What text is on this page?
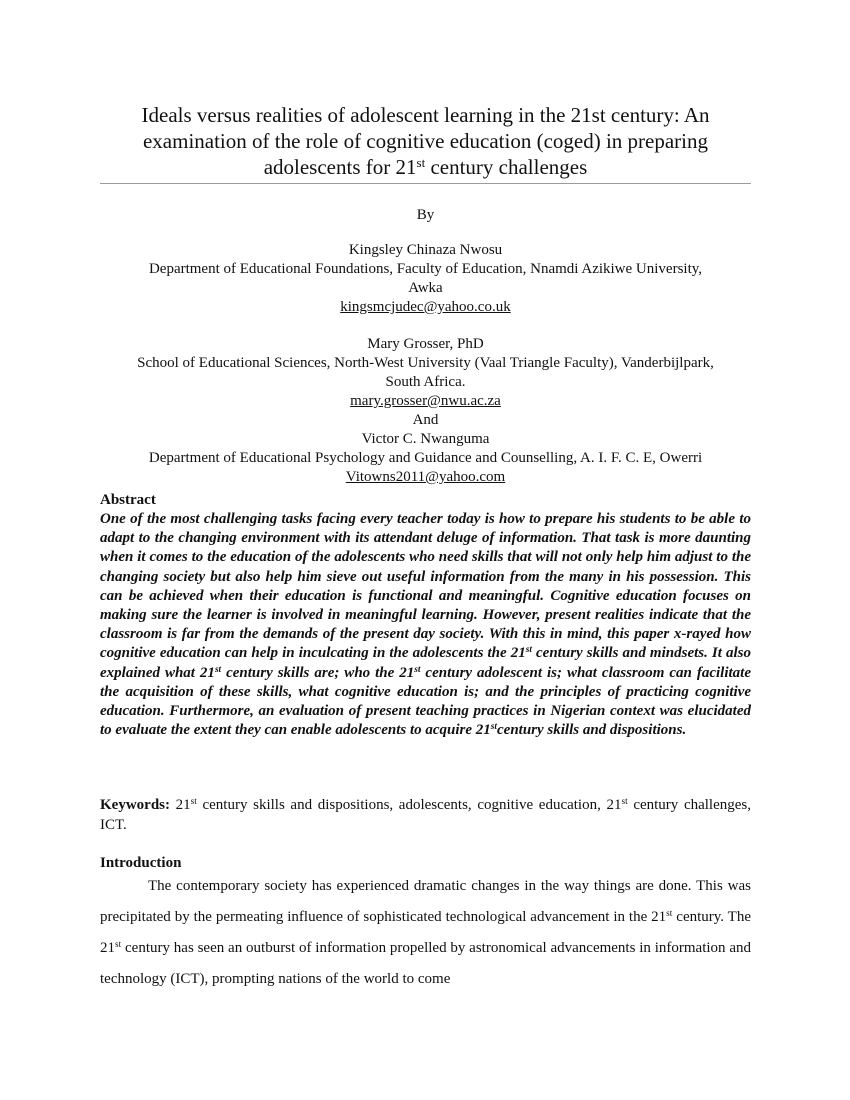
Ideals versus realities of adolescent learning in the 21st century: An
examination of the role of cognitive education (coged) in preparing
adolescents for 21st century challenges
By
Kingsley Chinaza Nwosu
Department of Educational Foundations, Faculty of Education, Nnamdi Azikiwe University,
Awka
kingsmcjudec@yahoo.co.uk
Mary Grosser, PhD
School of Educational Sciences, North-West University (Vaal Triangle Faculty), Vanderbijlpark,
South Africa.
mary.grosser@nwu.ac.za
And
Victor C. Nwanguma
Department of Educational Psychology and Guidance and Counselling, A. I. F. C. E, Owerri
Vitowns2011@yahoo.com
Abstract
One of the most challenging tasks facing every teacher today is how to prepare his students to be able to adapt to the changing environment with its attendant deluge of information. That task is more daunting when it comes to the education of the adolescents who need skills that will not only help him adjust to the changing society but also help him sieve out useful information from the many in his possession. This can be achieved when their education is functional and meaningful. Cognitive education focuses on making sure the learner is involved in meaningful learning. However, present realities indicate that the classroom is far from the demands of the present day society. With this in mind, this paper x-rayed how cognitive education can help in inculcating in the adolescents the 21st century skills and mindsets. It also explained what 21st century skills are; who the 21st century adolescent is; what classroom can facilitate the acquisition of these skills, what cognitive education is; and the principles of practicing cognitive education. Furthermore, an evaluation of present teaching practices in Nigerian context was elucidated to evaluate the extent they can enable adolescents to acquire 21stcentury skills and dispositions.
Keywords: 21st century skills and dispositions, adolescents, cognitive education, 21st century challenges, ICT.
Introduction
The contemporary society has experienced dramatic changes in the way things are done. This was precipitated by the permeating influence of sophisticated technological advancement in the 21st century. The 21st century has seen an outburst of information propelled by astronomical advancements in information and technology (ICT), prompting nations of the world to come
